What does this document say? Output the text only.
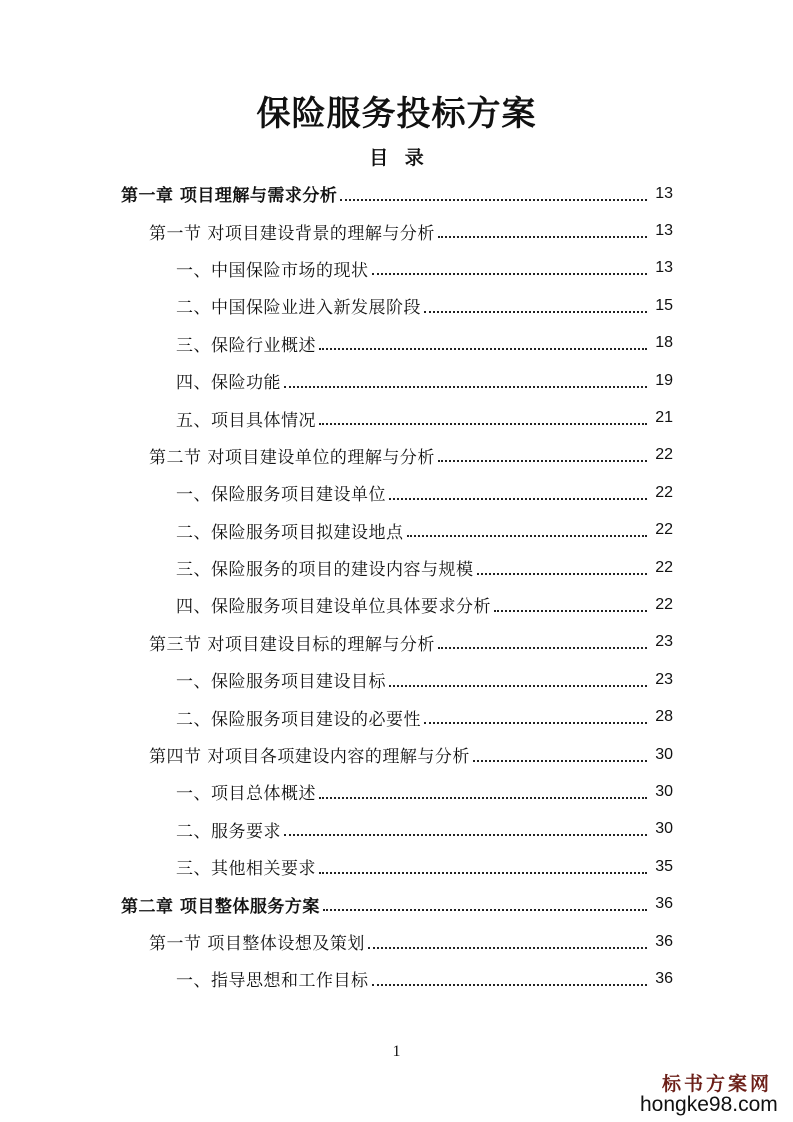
保险服务投标方案
目 录
第一章 项目理解与需求分析	13
第一节 对项目建设背景的理解与分析	13
一、中国保险市场的现状	13
二、中国保险业进入新发展阶段	15
三、保险行业概述	18
四、保险功能	19
五、项目具体情况	21
第二节 对项目建设单位的理解与分析	22
一、保险服务项目建设单位	22
二、保险服务项目拟建设地点	22
三、保险服务的项目的建设内容与规模	22
四、保险服务项目建设单位具体要求分析	22
第三节 对项目建设目标的理解与分析	23
一、保险服务项目建设目标	23
二、保险服务项目建设的必要性	28
第四节 对项目各项建设内容的理解与分析	30
一、项目总体概述	30
二、服务要求	30
三、其他相关要求	35
第二章 项目整体服务方案	36
第一节 项目整体设想及策划	36
一、指导思想和工作目标	36
1
标书方案网
hongke98.com
